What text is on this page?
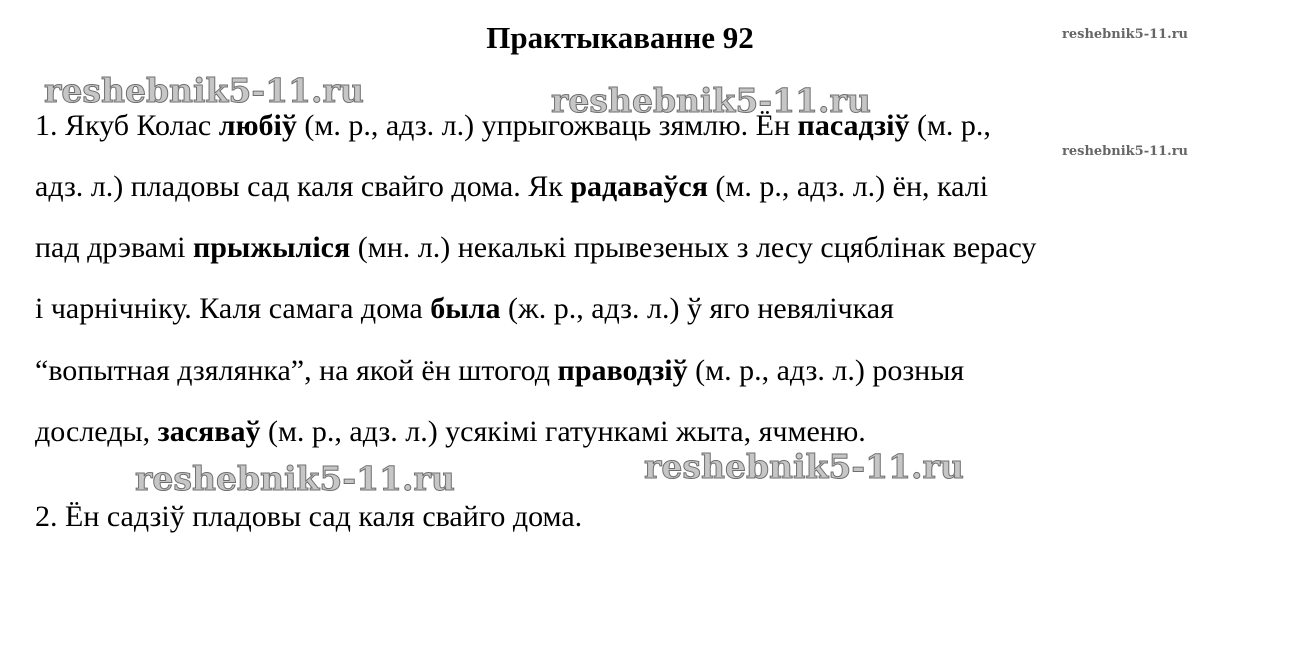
Практыкаванне 92	reshebnik5-11.ru
reshebnik5-11.ru	reshebnik5-11.ru
1. Якуб Колас любіў (м. р., адз. л.) упрыгожваць зямлю. Ён пасадзіў (м. р.,
reshebnik5-11.ru
адз. л.) пладовы сад каля свайго дома. Як радаваўся (м. р., адз. л.) ён, калі
пад дрэвамі прыжыліся (мн. л.) некалькі прывезеных з лесу сцяблінак верасу
і чарнічніку. Каля самага дома была (ж. р., адз. л.) ў яго невялічкая
“вопытная дзялянка”, на якой ён штогод праводзіў (м. р., адз. л.) розныя
доследы, засяваў (м. р., адз. л.) усякімі гатункамі жыта, ячменю.
reshebnik5-11.ru
reshebnik5-11.ru
2. Ён садзіў пладовы сад каля свайго дома.
